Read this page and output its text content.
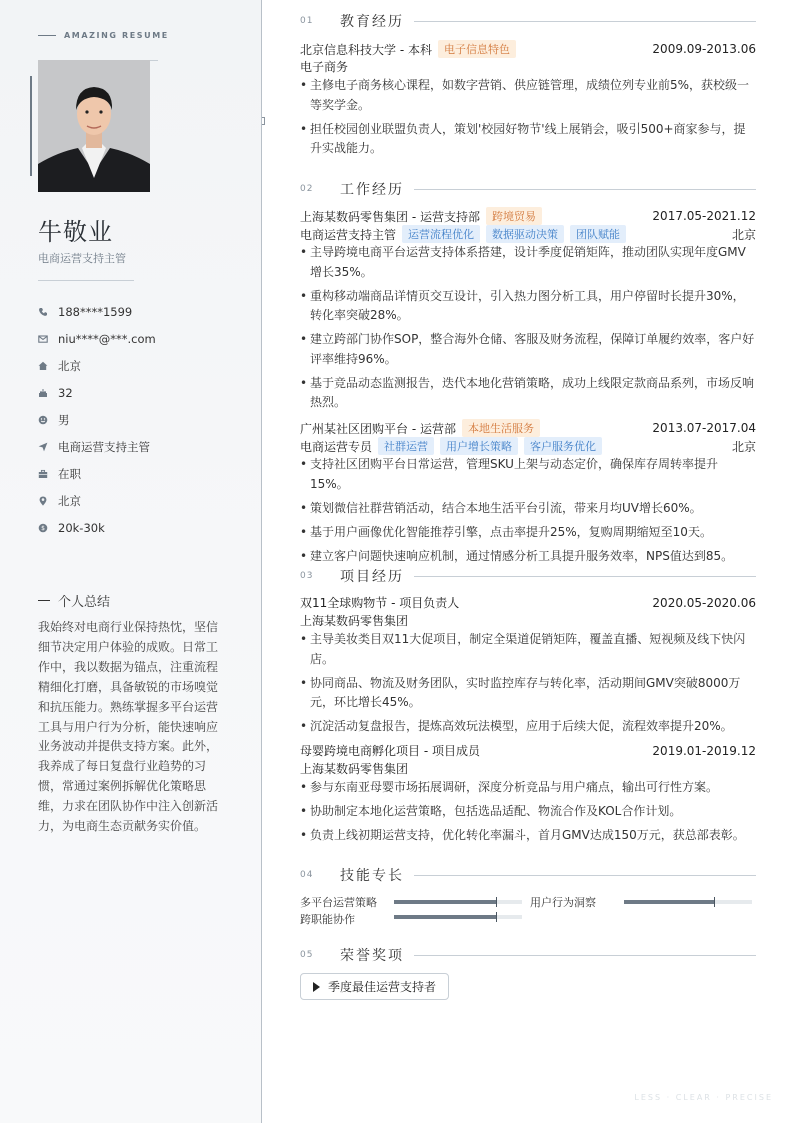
AMAZING RESUME
牛敬业
电商运营支持主管
188****1599
niu****@***.com
北京
32
男
电商运营支持主管
在职
北京
$ 20k-30k
个人总结
我始终对电商行业保持热忱，坚信细节决定用户体验的成败。日常工作中，我以数据为锚点，注重流程精细化打磨，具备敏锐的市场嗅觉和抗压能力。熟练掌握多平台运营工具与用户行为分析，能快速响应业务波动并提供支持方案。此外，我养成了每日复盘行业趋势的习惯，常通过案例拆解优化策略思维，力求在团队协作中注入创新活力，为电商生态贡献务实价值。
01	教育经历
北京信息科技大学 - 本科	电子信息特色	2009.09-2013.06
电子商务
• 主修电子商务核心课程，如数字营销、供应链管理，成绩位列专业前5%，获校级一等奖学金。
• 担任校园创业联盟负责人，策划'校园好物节'线上展销会，吸引500+商家参与，提升实战能力。
02	工作经历
上海某数码零售集团 - 运营支持部	跨境贸易	2017.05-2021.12
电商运营支持主管	运营流程优化	数据驱动决策	团队赋能	北京
• 主导跨境电商平台运营支持体系搭建，设计季度促销矩阵，推动团队实现年度GMV增长35%。
• 重构移动端商品详情页交互设计，引入热力图分析工具，用户停留时长提升30%，转化率突破28%。
• 建立跨部门协作SOP，整合海外仓储、客服及财务流程，保障订单履约效率，客户好评率维持96%。
• 基于竞品动态监测报告，迭代本地化营销策略，成功上线限定款商品系列，市场反响热烈。
广州某社区团购平台 - 运营部	本地生活服务	2013.07-2017.04
电商运营专员	社群运营	用户增长策略	客户服务优化	北京
• 支持社区团购平台日常运营，管理SKU上架与动态定价，确保库存周转率提升15%。
• 策划微信社群营销活动，结合本地生活平台引流，带来月均UV增长60%。
• 基于用户画像优化智能推荐引擎，点击率提升25%，复购周期缩短至10天。
• 建立客户问题快速响应机制，通过情感分析工具提升服务效率，NPS值达到85。
03	项目经历
双11全球购物节 - 项目负责人	2020.05-2020.06
上海某数码零售集团
• 主导美妆类目双11大促项目，制定全渠道促销矩阵，覆盖直播、短视频及线下快闪店。
• 协同商品、物流及财务团队，实时监控库存与转化率，活动期间GMV突破8000万元，环比增长45%。
• 沉淀活动复盘报告，提炼高效玩法模型，应用于后续大促，流程效率提升20%。
母婴跨境电商孵化项目 - 项目成员	2019.01-2019.12
上海某数码零售集团
• 参与东南亚母婴市场拓展调研，深度分析竞品与用户痛点，输出可行性方案。
• 协助制定本地化运营策略，包括选品适配、物流合作及KOL合作计划。
• 负责上线初期运营支持，优化转化率漏斗，首月GMV达成150万元，获总部表彰。
04	技能专长
多平台运营策略	用户行为洞察
跨职能协作
05	荣誉奖项
季度最佳运营支持者
LESS · CLEAR · PRECISE
